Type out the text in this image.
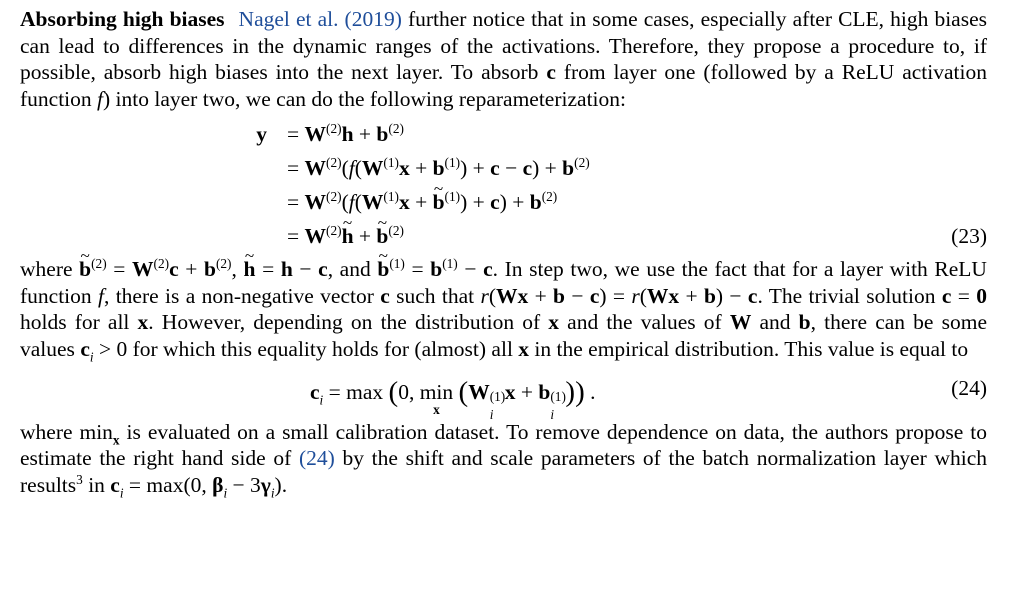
Absorbing high biases Nagel et al. (2019) further notice that in some cases, especially after CLE, high biases can lead to differences in the dynamic ranges of the activations. Therefore, they propose a procedure to, if possible, absorb high biases into the next layer. To absorb c from layer one (followed by a ReLU activation function f) into layer two, we can do the following reparameterization:

$y = W^{(2)}h + b^{(2)}$
= $W^{(2)}(f(W^{(1)}x + b^{(1)}) + c - c) + b^{(2)}$
= $W^{(2)}(f(W^{(1)}x$ + ~ $b^{(1)}) + c) + b^{(2)}$
= $W^{(2)}\sim$ h + ~ $b^{(2)}$	(23)

where ~ $b^{(2)} = W^{(2)}c + b^{(2)}$, ~ h = h − c, and ~ $b^{(1)} = b^{(1)} - c$. In step two, we use the fact that for a layer with ReLU function f, there is a non-negative vector c such that r(Wx + b − c) = r(Wx + b) − c. The trivial solution c = 0 holds for all x. However, depending on the distribution of x and the values of W and b, there can be some values $c_i > 0$ for which this equality holds for (almost) all x in the empirical distribution. This value is equal to

$c_i = \max (0$, min
x
(W (1)
i
x + b (1)
i
)) .	(24)

where $\min_x$ is evaluated on a small calibration dataset. To remove dependence on data, the authors propose to estimate the right hand side of (24) by the shift and scale parameters of the batch normalization layer which results$^3$ in $c_i = \max(0$, $\beta_i - 3\gamma_i$).
